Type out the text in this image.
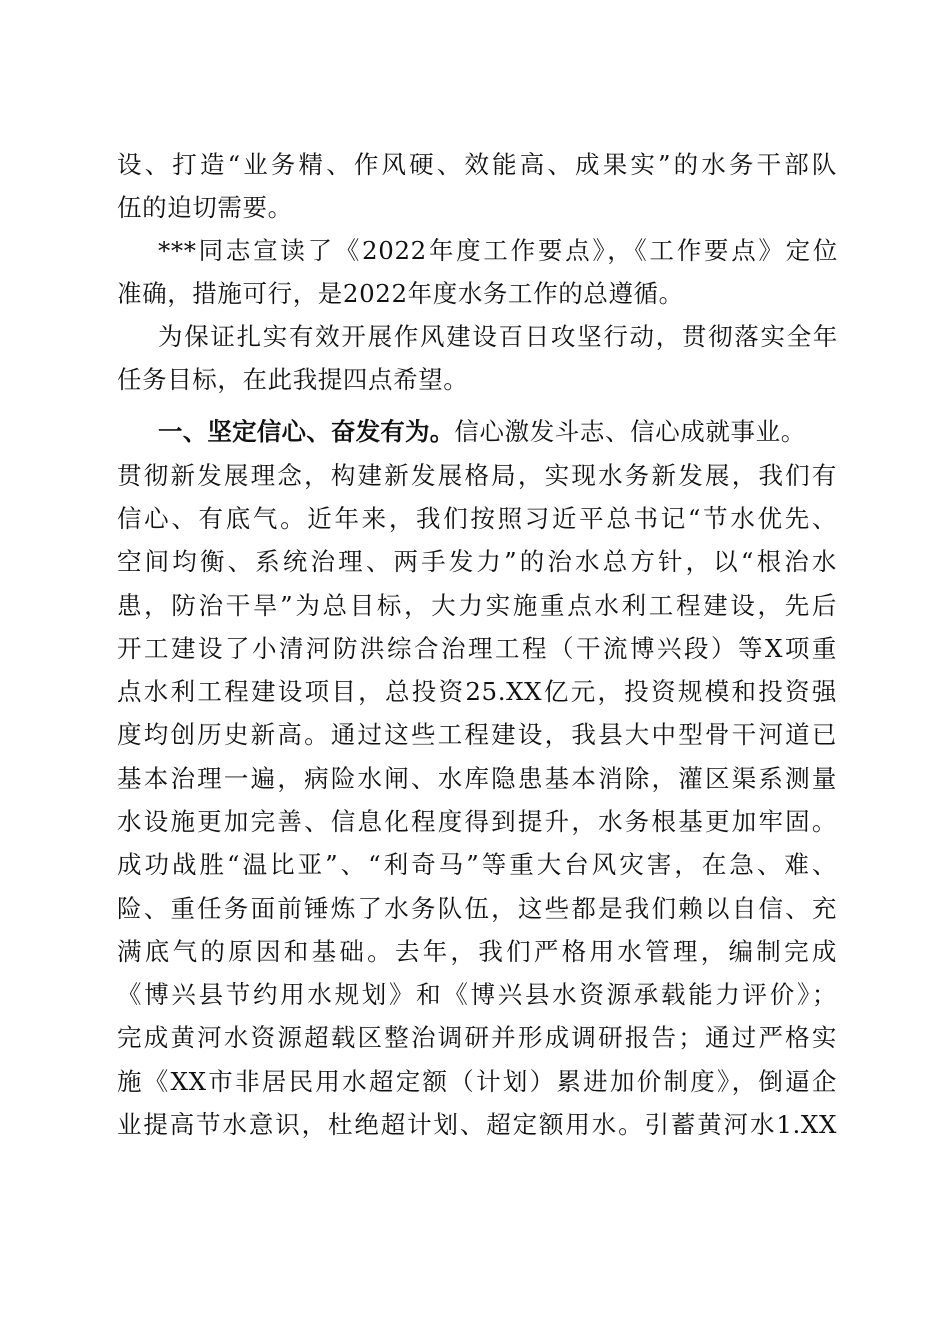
设、打造“业务精、作风硬、效能高、成果实”的水务干部队
伍的迫切需要。
***同志宣读了《2022年度工作要点》，《工作要点》定位
准确，措施可行，是2022年度水务工作的总遵循。
为保证扎实有效开展作风建设百日攻坚行动，贯彻落实全年
任务目标，在此我提四点希望。
一、坚定信心、奋发有为。信心激发斗志、信心成就事业。
贯彻新发展理念，构建新发展格局，实现水务新发展，我们有
信心、有底气。近年来，我们按照习近平总书记“节水优先、
空间均衡、系统治理、两手发力”的治水总方针，以“根治水
患，防治干旱”为总目标，大力实施重点水利工程建设，先后
开工建设了小清河防洪综合治理工程（干流博兴段）等X项重
点水利工程建设项目，总投资25.XX亿元，投资规模和投资强
度均创历史新高。通过这些工程建设，我县大中型骨干河道已
基本治理一遍，病险水闸、水库隐患基本消除，灌区渠系测量
水设施更加完善、信息化程度得到提升，水务根基更加牢固。
成功战胜“温比亚”、“利奇马”等重大台风灾害，在急、难、
险、重任务面前锤炼了水务队伍，这些都是我们赖以自信、充
满底气的原因和基础。去年，我们严格用水管理，编制完成
《博兴县节约用水规划》和《博兴县水资源承载能力评价》；
完成黄河水资源超载区整治调研并形成调研报告；通过严格实
施《XX市非居民用水超定额（计划）累进加价制度》，倒逼企
业提高节水意识，杜绝超计划、超定额用水。引蓄黄河水1.XX
